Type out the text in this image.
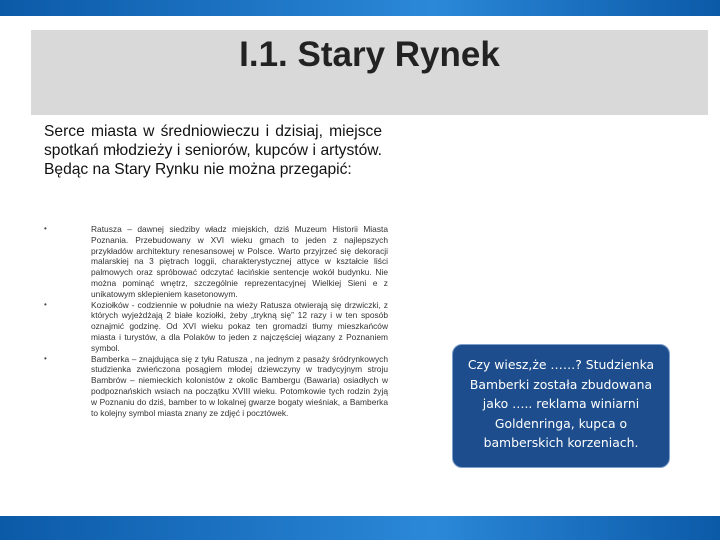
I.1. Stary Rynek
Serce miasta w średniowieczu i dzisiaj, miejsce spotkań młodzieży i seniorów, kupców i artystów. Będąc na Stary Rynku nie można przegapić:
•	Ratusza – dawnej siedziby władz miejskich, dziś Muzeum Historii Miasta Poznania. Przebudowany w XVI wieku gmach to jeden z najlepszych przykładów architektury renesansowej w Polsce. Warto przyjrzeć się dekoracji malarskiej na 3 piętrach loggii, charakterystycznej attyce w kształcie liści palmowych oraz spróbować odczytać łacińskie sentencje wokół budynku. Nie można pominąć wnętrz, szczególnie reprezentacyjnej Wielkiej Sieni e z unikatowym sklepieniem kasetonowym.
•	Koziołków - codziennie w południe na wieży Ratusza otwierają się drzwiczki, z których wyjeżdżają 2 białe koziołki, żeby „trykną się” 12 razy i w ten sposób oznajmić godzinę. Od XVI wieku pokaz ten gromadzi tłumy mieszkańców miasta i turystów, a dla Polaków to jeden z najczęściej wiązany z Poznaniem symbol.
•	Bamberka – znajdująca się z tyłu Ratusza , na jednym z pasaży śródrynkowych studzienka zwieńczona posągiem młodej dziewczyny w tradycyjnym stroju Bambrów – niemieckich kolonistów z okolic Bambergu (Bawaria) osiadłych w podpoznańskich wsiach na początku XVIII wieku. Potomkowie tych rodzin żyją w Poznaniu do dziś, bamber to w lokalnej gwarze bogaty wieśniak, a Bamberka to kolejny symbol miasta znany ze zdjęć i pocztówek.
Czy wiesz,że ……? Studzienka Bamberki została zbudowana jako ….. reklama winiarni Goldenringa, kupca o bamberskich korzeniach.
